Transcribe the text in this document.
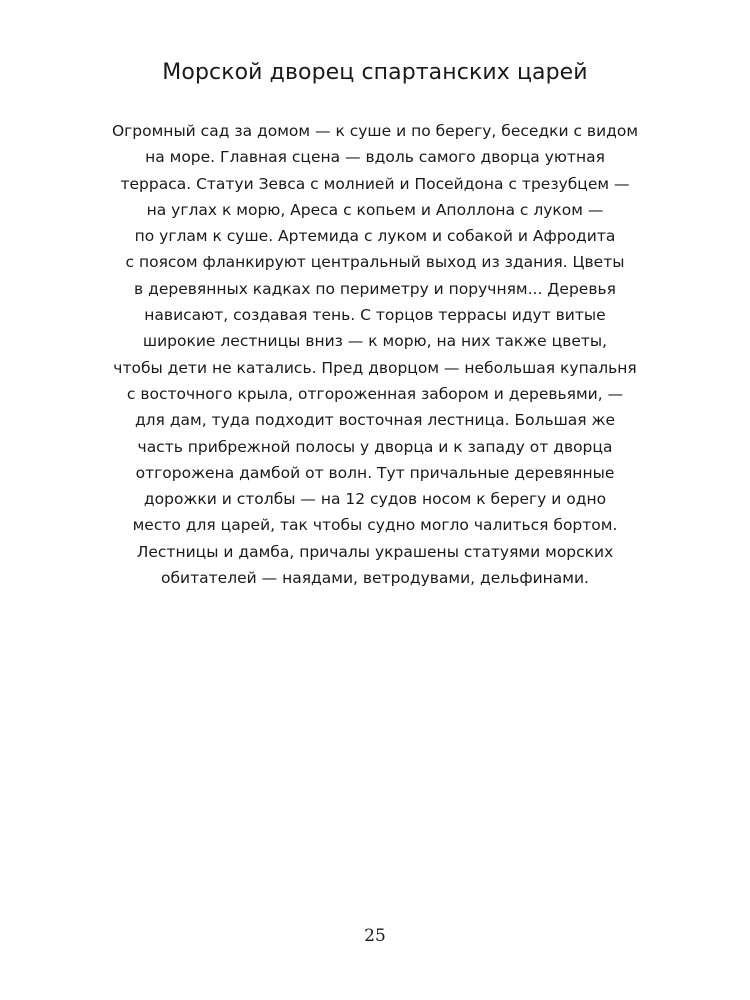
Морской дворец спартанских царей
Огромный сад за домом — к суше и по берегу, беседки с видом
на море. Главная сцена — вдоль самого дворца уютная
терраса. Статуи Зевса с молнией и Посейдона с трезубцем —
на углах к морю, Ареса с копьем и Аполлона с луком —
по углам к суше. Артемида с луком и собакой и Афродита
с поясом фланкируют центральный выход из здания. Цветы
в деревянных кадках по периметру и поручням... Деревья
нависают, создавая тень. С торцов террасы идут витые
широкие лестницы вниз — к морю, на них также цветы,
чтобы дети не катались. Пред дворцом — небольшая купальня
с восточного крыла, отгороженная забором и деревьями, —
для дам, туда подходит восточная лестница. Большая же
часть прибрежной полосы у дворца и к западу от дворца
отгорожена дамбой от волн. Тут причальные деревянные
дорожки и столбы — на 12 судов носом к берегу и одно
место для царей, так чтобы судно могло чалиться бортом.
Лестницы и дамба, причалы украшены статуями морских
обитателей — наядами, ветродувами, дельфинами.
25
